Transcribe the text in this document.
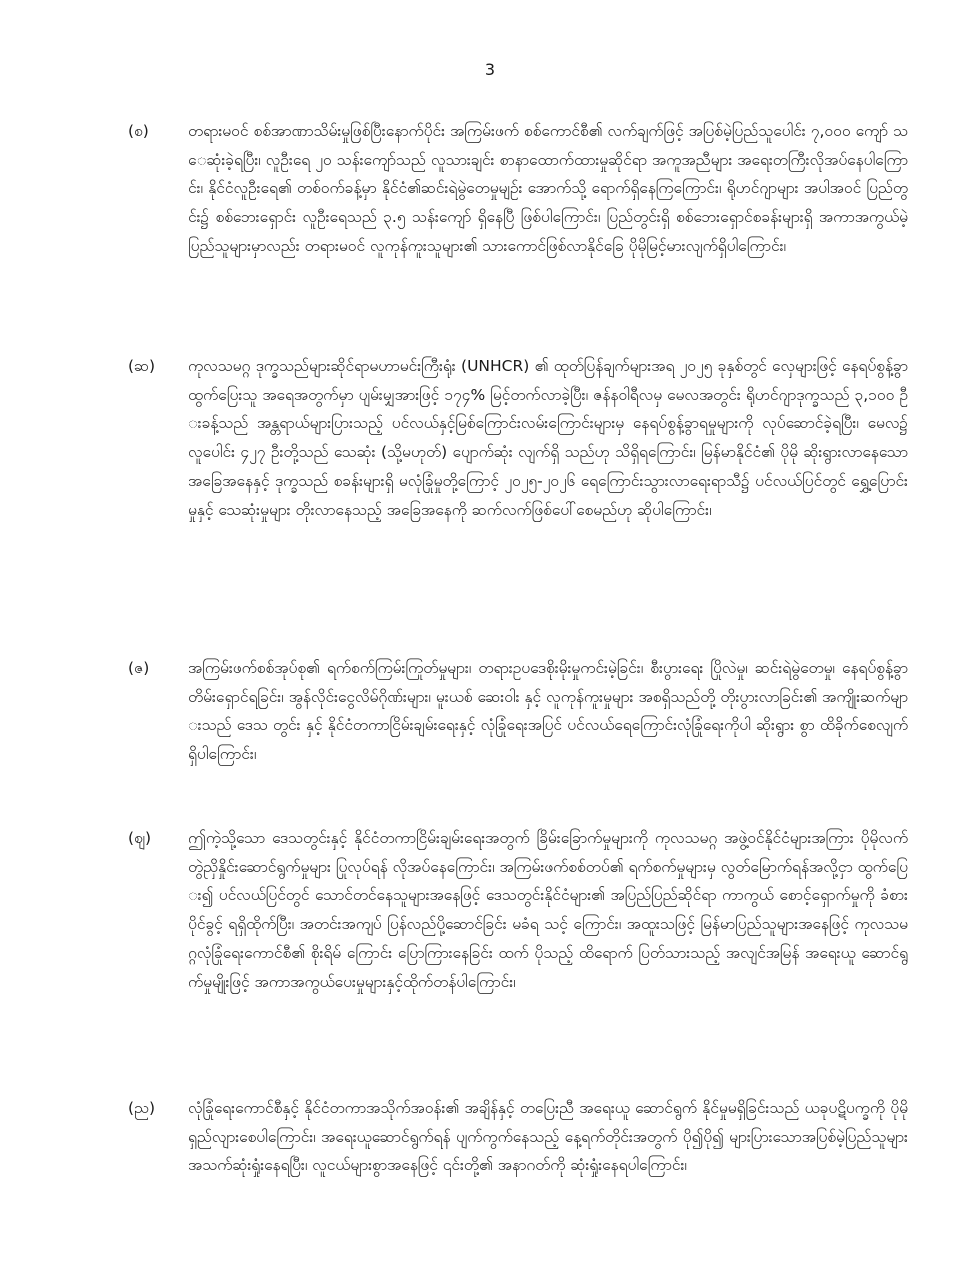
3
(စ)	တရားမဝင် စစ်အာဏာသိမ်းမှုဖြစ်ပြီးနောက်ပိုင်း အကြမ်းဖက် စစ်ကောင်စီ၏ လက်ချက်ဖြင့် အပြစ်မဲ့ပြည်သူပေါင်း ၇,၀၀၀ ကျော် သေဆုံးခဲ့ရပြီး၊ လူဦးရေ ၂၀ သန်းကျော်သည် လူသားချင်း စာနာထောက်ထားမှုဆိုင်ရာ အကူအညီများ အရေးတကြီးလိုအပ်နေပါကြောင်း၊ နိုင်ငံလူဦးရေ၏ တစ်ဝက်ခန့်မှာ နိုင်ငံ၏ဆင်းရဲမွဲတေမှုမျဉ်း အောက်သို့ ရောက်ရှိနေကြကြောင်း၊ ရိုဟင်ဂျာများ အပါအဝင် ပြည်တွင်း၌ စစ်ဘေးရှောင်း လူဦးရေသည် ၃.၅ သန်းကျော် ရှိနေပြီ ဖြစ်ပါကြောင်း၊ ပြည်တွင်းရှိ စစ်ဘေးရှောင်စခန်းများရှိ အကာအကွယ်မဲ့ ပြည်သူများမှာလည်း တရားမဝင် လူကုန်ကူးသူများ၏ သားကောင်ဖြစ်လာနိုင်ခြေ ပိုမိုမြင့်မားလျက်ရှိပါကြောင်း၊
(ဆ) ကုလသမဂ္ဂ ဒုက္ခသည်များဆိုင်ရာမဟာမင်းကြီးရုံး (UNHCR) ၏ ထုတ်ပြန်ချက်များအရ ၂၀၂၅ ခုနှစ်တွင် လှေများဖြင့် နေရပ်စွန့်ခွာထွက်ပြေးသူ အရေအတွက်မှာ ပျမ်းမျှအားဖြင့် ၁၇၄% မြင့်တက်လာခဲ့ပြီး၊ ဇန်နဝါရီလမှ မေလအတွင်း ရိုဟင်ဂျာဒုက္ခသည် ၃,၁၀၀ ဦးခန့်သည် အန္တရာယ်များပြားသည့် ပင်လယ်နှင့်မြစ်ကြောင်းလမ်းကြောင်းများမှ နေရပ်စွန့်ခွာရမှုများကို လုပ်ဆောင်ခဲ့ရပြီး၊ မေလ၌ လူပေါင်း ၄၂၇ ဦးတို့သည် သေဆုံး (သို့မဟုတ်) ပျောက်ဆုံး လျက်ရှိ သည်ဟု သိရှိရကြောင်း၊ မြန်မာနိုင်ငံ၏ ပိုမို ဆိုးရွားလာနေသော အခြေအနေနှင့် ဒုက္ခသည် စခန်းများရှိ မလုံခြုံမှုတို့ကြောင့် ၂၀၂၅-၂၀၂၆ ရေကြောင်းသွားလာရေးရာသီ၌ ပင်လယ်ပြင်တွင် ရွှေ့ပြောင်းမှုနှင့် သေဆုံးမှုများ တိုးလာနေသည့် အခြေအနေကို ဆက်လက်ဖြစ်ပေါ်စေမည်ဟု ဆိုပါကြောင်း၊
(ဇ) အကြမ်းဖက်စစ်အုပ်စု၏ ရက်စက်ကြမ်းကြုတ်မှုများ၊ တရားဥပဒေစိုးမိုးမှုကင်းမဲ့ခြင်း၊ စီးပွားရေး ပြိုလဲမှု၊ ဆင်းရဲမွဲတေမှု၊ နေရပ်စွန့်ခွာတိမ်းရှောင်ရခြင်း၊ အွန်လိုင်းငွေလိမ်ဂိုဏ်းများ၊ မူးယစ် ဆေးဝါး နှင့် လူကုန်ကူးမှုများ အစရှိသည်တို့ တိုးပွားလာခြင်း၏ အကျိုးဆက်များသည် ဒေသ တွင်း နှင့် နိုင်ငံတကာငြိမ်းချမ်းရေးနှင့် လုံခြုံရေးအပြင် ပင်လယ်ရေကြောင်းလုံခြုံရေးကိုပါ ဆိုးရွား စွာ ထိခိုက်စေလျက်ရှိပါကြောင်း၊
(ဈ) ဤကဲ့သို့သော ဒေသတွင်းနှင့် နိုင်ငံတကာငြိမ်းချမ်းရေးအတွက် ခြိမ်းခြောက်မှုများကို ကုလသမဂ္ဂ အဖွဲ့ဝင်နိုင်ငံများအကြား ပိုမိုလက်တွဲညှိနှိုင်းဆောင်ရွက်မှုများ ပြုလုပ်ရန် လိုအပ်နေကြောင်း၊ အကြမ်းဖက်စစ်တပ်၏ ရက်စက်မှုများမှ လွတ်မြောက်ရန်အလို့ငှာ ထွက်ပြေး၍ ပင်လယ်ပြင်တွင် သောင်တင်နေသူများအနေဖြင့် ဒေသတွင်းနိုင်ငံများ၏ အပြည်ပြည်ဆိုင်ရာ ကာကွယ် စောင့်ရှောက်မှုကို ခံစားပိုင်ခွင့် ရရှိထိုက်ပြီး၊ အတင်းအကျပ် ပြန်လည်ပို့ဆောင်ခြင်း မခံရ သင့် ကြောင်း၊ အထူးသဖြင့် မြန်မာပြည်သူများအနေဖြင့် ကုလသမဂ္ဂလုံခြုံရေးကောင်စီ၏ စိုးရိမ် ကြောင်း ပြောကြားနေခြင်း ထက် ပိုသည့် ထိရောက် ပြတ်သားသည့် အလျင်အမြန် အရေးယူ ဆောင်ရွက်မှုမျိုးဖြင့် အကာအကွယ်ပေးမှုများနှင့်ထိုက်တန်ပါကြောင်း၊
(ည) လုံခြုံရေးကောင်စီနှင့် နိုင်ငံတကာအသိုက်အဝန်း၏ အချိန်နှင့် တပြေးညီ အရေးယူ ဆောင်ရွက် နိုင်မှုမရှိခြင်းသည် ယခုပဋိပက္ခကို ပိုမိုရှည်လျားစေပါကြောင်း၊ အရေးယူဆောင်ရွက်ရန် ပျက်ကွက်နေသည့် နေ့ရက်တိုင်းအတွက် ပို၍ပို၍ များပြားသောအပြစ်မဲ့ပြည်သူများ အသက်ဆုံးရှုံးနေရပြီး၊ လူငယ်များစွာအနေဖြင့် ၎င်းတို့၏ အနာဂတ်ကို ဆုံးရှုံးနေရပါကြောင်း၊
